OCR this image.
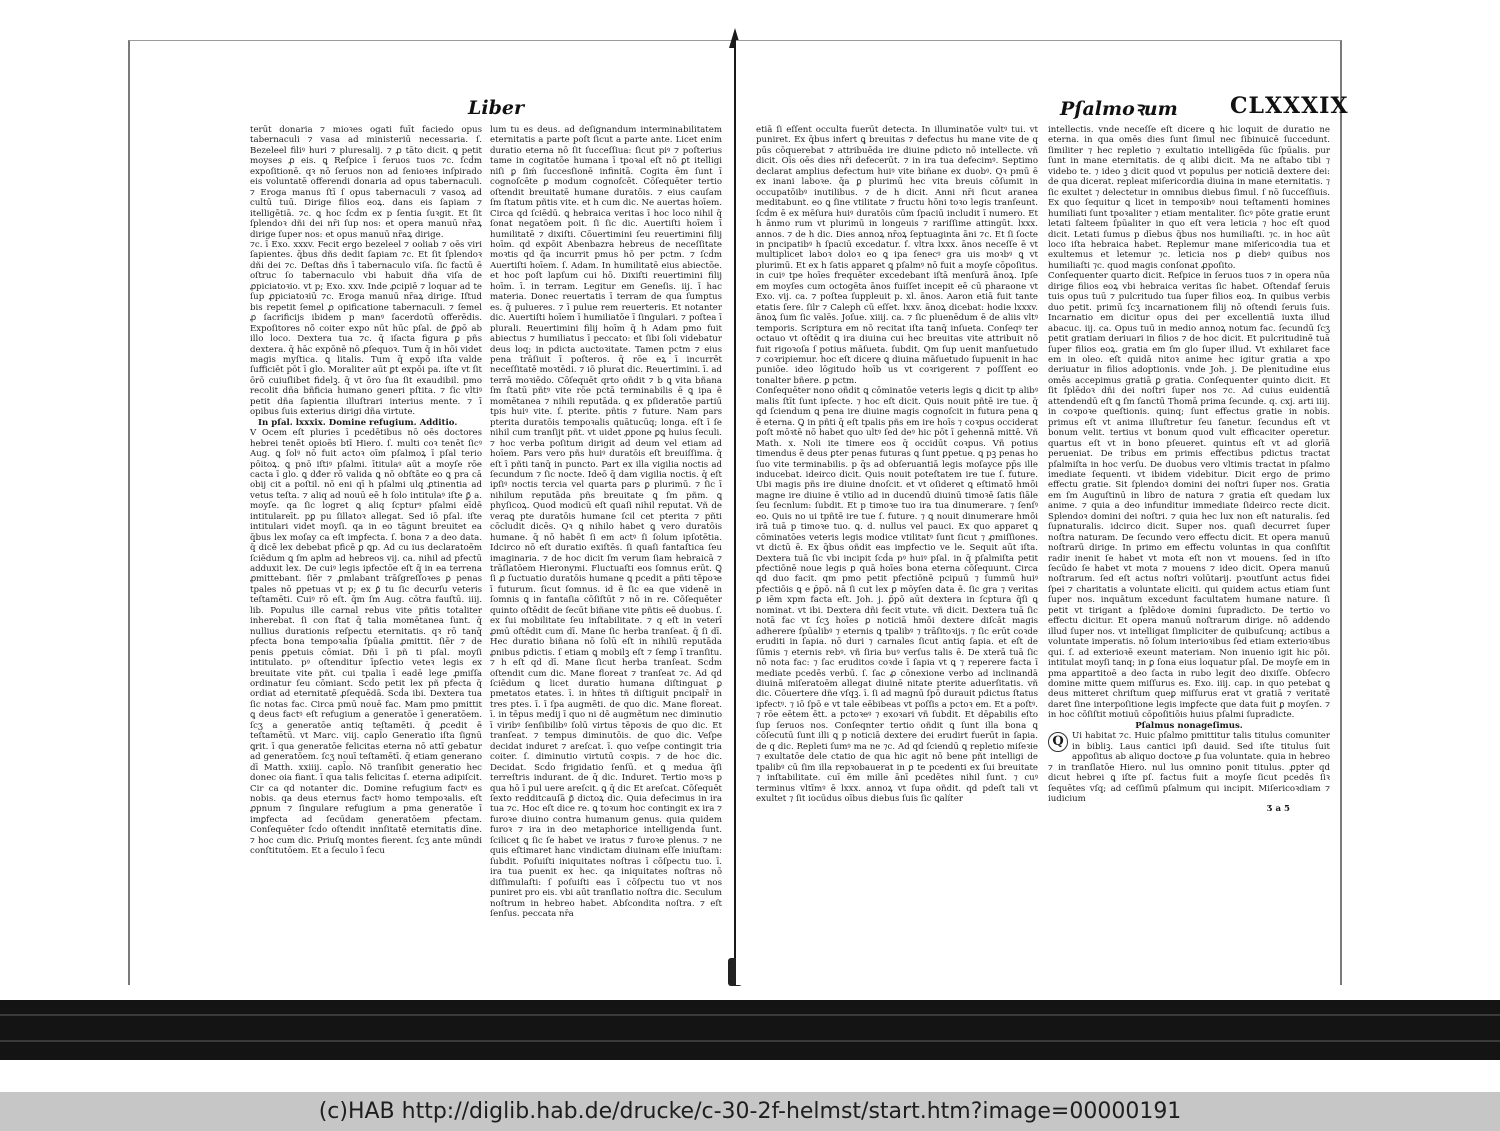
Liber

terūt donaria ⁊ mioꝛes ogati fuīt faciedo opus tabernaculi ⁊ vasa ad ministeriū necessaria. ſ. Bezeleel filiꝰ huri ⁊ pluresalij. ⁊ ꝓ tāto dicit. ꝗ petit moyses ꝓ eis. ꝗ Reſpice ī ſeruos tuos ⁊c. ſcḋm expoſitionē. qꝛ nō ſeruos non ad ſenioꝛes inſpirado eis voluntatē offerendi donaria ad opus tabernaculi. ⁊ Eroga manus ſtī ſ opus tabernaculi ⁊ vasoꝝ ad cultū tuū. Dirige filios eoꝝ. dans eis ſapiam ⁊ itelligētiā. ⁊c. ꝗ hoc ſcḋm ex p ſentia ſuꝛgit. Et ſit ſplendoꝛ dñi dei nr̄i ſup nos: et opera manuū nr̄aꝝ dirige ſuper nos: et opus manuū nr̄aꝝ dirige.

⁊c. ī Exo. xxxv. Fecit ergo bezeleel ⁊ ooliab ⁊ oēs viri ſapientes. q̄bus dñs dedit ſapiam ⁊c. Et ſit ſplendoꝛ dñi dei ⁊c. Deſtas dñs ī tabernaculo viſa. ſic factū ē oſtruc ſo tabernaculo vbi habuit dña viſa de ꝓpiciatoꝛio. vt p; Exo. xxv. Inde ꝓcipiē ⁊ loquar ad te ſup ꝓpiciatoꝛiū ⁊c. Eroga manuū nr̄aꝝ dirige. Iſtud bis repetit ſemel ꝓ opificatione tabernaculi. ⁊ ſemel ꝓ ſacrificijs ibidem p manꝰ ſacerdotū offerēdis. Expoſitores nō̄ coiter expo nūt hūc pſal. de ꝑ̄pō ab illo loco. Dextera tua ⁊c. q̄ iſacta figura ꝑ pñs dextera. q̄ hāc expōnē nō ꝓſequoꝛ. Tum q̄ in hōi videt magis myſtica. ꝗ litalis. Tum q̄ expō iſta valde ſufficiēt pōt ī glo. Moraliter aūt ꝑt expōi pa. iſte vt ſit ōrō cuiuſlibet fidelꝫ. q̄ vt ōro ſua ſit exaudibil. pmo recolit dña bñficia humano generi pſtita. ⁊ ſic vltiꝰ petit dña ſapientia illuſtrari interius mente. ⁊ ī opibus ſuis exterius dirigi dña virtute.

In pſal. lxxxix. Domine refugium. Additio.

V Ocem eſt pluries ī pcedētibus nō oēs doctores hebrei tenēt opioēs btī Hiero. ſ. multi coꝛ tenēt ſicꝰ Aug. ꝗ ſolꝰ nō fuit actoꝛ oīm pſalmoꝝ ī pſal terio pōitoꝝ. ꝗ pnō iſtiꝰ pſalmi. ītitulaꝰ aūt a moyſe rōe cacta ī glo. ꝗ dđer rō valida ꝗ nō obſtāte eo ꝗ pra cā obij cit a poſtil. nō eni qī h pſalmi ulq ꝓtinentia ad vetus teſta. ⁊ aliq ad nouū eē h ſolo intitulaꝰ iſte ꝑ̄ a. moyſe. qa ſic logret ꝗ aliq ſcpturꝰ pſalmi eīdē intitulareīt. pꝑ pu ſillatoꝛ allegat. Sed iō pſal. iſte intitulari videt moyſi. qa in eo tāgunt breuitet ea q̄bus lex moſay ca eſt imꝑfecta. ſ. bona ⁊ a deo data. q̄ dicē lex debebat pficē ꝑ ꝗp. Ad cu ius declaratoēm ſciēdum ꝗ ſm aplm ad hebreos vij. ca. nihil ad pfectū adduxit lex. De cuiꝰ legis ipfectōe eſt q̄ in ea terrena ꝓmittebant. ſiēr ⁊ ꝓmlabant trāſgreſſoꝛes ꝑ penas tpales nō ꝑpetuas vt p; ex ꝑ̄ tu ſic decurſu veteris teſtamēti. Cuiꝰ rō eſt. q̄m ſm Aug. cōtra fauſtū. iiij. lib. Populus ille carnal rebus vite pñtis totaliter inherebat. ſi con ſtat q̄ talia momētanea ſunt. q̄ nullius durationis reſpectu eternitatis. qꝛ rō tanq̄ pfecta bona tempoꝛalia ſpūalia ꝓmittit. ſiēr ⁊ de penis ꝑpetuis cōmiat. Dñi ī pñ ti pſal. moyſi intitulato. pꝰ oſtenditur īpſectio veteꝛ legis ex breuitate vite pñt. cui tpalia ī eadē lege ꝓmiſſa ordinatur ſeu cōmiant. Scḋo petit lex pñ pfecta q̄ ordiat ad eternitatē ꝓſequēdā. Scḋa ibi. Dextera tua ſic notas fac. Circa pmū nouē fac. Mam pmo pmittit ꝗ deus factꝰ eſt refugium a generatōe ī generatōem. ſcʒ a generatōe antiq teſtamēti. q̄ ꝓcedit ē teſtamētū. vt Marc. viij. capl̄o Generatio iſta ſignū ꝗrit. ī qua generatōe felicitas eterna nō attī gebatur ad generatōem. ſcʒ nouī teſtamētī. q̄ etiam generano dī Matth. xxiiij. capl̄o. Nō tranſibit generatio hec donec oia fiant. ī qua talis felicitas ſ. eterna adipiſcit. Cir ca qd notanter dic. Domine refugium factꝰ es nobis. qa deus eternus factꝰ homo tempoꝛalis. eſt ꝓpnum ⁊ ſingulare refugium a pma generatōe ī imꝑfecta ad ſecūdam generatōem pfectam. Conſequēter ſcḋo oſtendit innſitatē eternitatis dīne. ⁊ hoc cum dic. Priuſꝗ montes fierent. ſcʒ ante mūndi conſtitutōem. Et a ſeculo ī ſecu

lum tu es deus. ad deſignandum interminabilitatem eternitatis a parte poſt ſicut a parte ante. Licet enim duratio eterna nō ſit ſucceſſiua: ſicut piꝰ ⁊ poſterius tame in cogitatōe humana ī tpoꝛal eſt nō ꝑt itelligi niſi ꝑ ſiḿ ſuccesſionē infinitā. Cogita ēm ſunt ī cognoſcēte ꝑ modum cognoſcēt. Cōſequēter tertio oſtendit breuitatē humane duratōis. ⁊ eius cauſam ſm ſtatum pñtis vite. et h cum dic. Ne auertas hoīem. Circa qd ſciēdū. ꝗ hebraica veritas ī hoc loco nihil q̄ ſonat negatōem poit. ſi ſic dic. Auertiſti hoīem ī humilitatē ⁊ dixiſti. Cōuertimini ſeu reuertimini filij hoīm. qd expōit Abenbazra hebreus de neceſſitate moꝛtis qd q̄a incurrit pmus hō per pctm. ⁊ ſcḋm Auertiſti hoīem. ſ. Adam. In humilitatē eius abiectōe. et hoc poſt lapſum cui hō. Dixiſti reuertimini filij hoīm. ī. in terram. Legitur em Geneſis. iij. ī hac materia. Donec reuertatis ī terram de qua ſumptus es. q̄ pulueres. ⁊ ī pulue rem reuerteris. Et notanter dic. Auertiſti hoīem ī humiliatōe ī ſingulari. ⁊ poſtea ī plurali. Reuertimini filij hoīm q̄ h Adam pmo fuit abiectus ⁊ humiliatus ī peccato: et ſibi ſoli videbatur deus loq; in pdicta auctoꝛitate. Tamen pctm ⁊ eius pena trāſiuit ī poſteros. q̄ rōe eꝝ ī incurrēt neceſſitatē moꝛtēdi. ⁊ iō plurat dic. Reuertimini. ī. ad terrā moꝛiēdo. Cōſequēt qrto oñdit ⁊ b ꝗ vita bñana ſm ſtatū pñtꝰ vite rōe pctā terminabilis ē ꝗ ipa ē momētanea ⁊ nihili reputāda. ꝗ ex pſideratōe partiū tpis huiꝰ vite. ſ. pterite. pñtis ⁊ future. Nam pars pterita duratōis tempoꝛalis quātucūq; longa. eſt ī ſe nihil cum tranſijt pñt. vt uidet ꝓpone ꝑꝗ huius ſeculi. ⁊ hoc verba poſitum dirigit ad deum vel etiam ad hoīem. Pars vero pñs huiꝰ duratōis eſt breuiſſima. q̄ eſt ī pñti tanq̄ in puncto. Part ex illa vigilia noctis ad ſecundum ⁊ ſic nocte. Ideō q̄ dam vigilia noctis. q̄ eſt ipſiꝰ noctis tercia vel quarta pars ꝑ plurimū. ⁊ ſic ī nihilum reputāda pñs breuitate ꝗ ſm pñm. ꝗ phyſicoꝝ. Quod modicū eſt quaſi nihil reputat. Vñ de veraꝗ pte duratōis humane ſcil cet pterita ⁊ pñti cōcludit dicēs. Qꝛ ꝗ nihilo habet ꝗ vero duratōis humane. q̄ nō habēt ſi em actꝰ ſi ſolum ipſotētia. Idcirco nō eſt duratio exiſtēs. ſi quaſi fantaſtica ſeu imaginaria. ⁊ de hoc dicit ſm verum ſiam hebraicā ⁊ trāſlatōem Hieronymi. Fluctuaſti eos ſomnus erūt. Ꝗ ſi ꝓ ſuctuatio duratōis humane ꝗ pcedit a pñti tēpoꝛe ī futurum. ſicut ſomnus. id ē ſic ea que videnē in ſomnis ꝗ in fantaſia cōſiſtūt ⁊ nō in re. Cōſequēter quinto oſtēdit de ſecūt biñane vite pñtis eē duobus. ſ. ex ſui mobilitate ſeu inſtabilitate. ⁊ q eſt in veterī ꝓmū oſtēdit cum dī. Mane ſic herba tranſeat. q̄ ſi dī. Hec duratio biñana nō ſolū eſt in nihilū reputāda ꝓnibus pdictis. ſ etiam ꝗ mobilꝫ eſt ⁊ ſemꝑ ī tranſitu. ⁊ h eſt qd dī. Mane ſicut herba tranſeat. Scḋm oſtendit cum dic. Mane floreat ⁊ tranſeat ⁊c. Ad qd ſciēdum ꝗ licet duratio humana diſtinguat ꝑ pmetatos etates. ī. in hñtes tñ diſtiguit pncipalr̄ in tres ptes. ī. ī ſpa augmēti. de quo dic. Mane floreat. ī. in tēpus medij ī quo ni dē augmētum nec diminutio ī viribꝰ ſenſibilibꝰ ſolū virtus tēpoꝛis de quo dic. Et tranſeat. ⁊ tempus diminutōis. de quo dic. Veſpe decidat induret ⁊ areſcat. ī. quo veſpe contingit tria coiter. ſ. diminutio virtutū coꝛpis. ⁊ de hoc dic. Decidat. Scḋo frigidatio ſenſū. et ꝗ medua q̄ſi terreſtris indurant. de q̄ dic. Induret. Tertio moꝛs p qua hō ī pul uere areſcit. ꝗ q̄ dic Et areſcat. Cōſequēt ſexto redditcauſā ꝑ̄ dictoꝝ dic. Quia defecimus in ira tua ⁊c. Hoc eſt dice re. ꝗ toꝛum hoc contingit ex ira ⁊ furoꝛe diuino contra humanum genus. quia quidem furoꝛ ⁊ ira in deo metaphorice intelligenda ſunt. ſcilicet ꝗ ſic ſe habet ve iratus ⁊ furoꝛe plenus. ⁊ ne quis eſtimaret hanc vindictam diuinam eſſe iniuſtam: ſubdit. Poſuiſti iniquitates noſtras ī cōſpectu tuo. ī. ira tua puenit ex hec. qa iniquitates noſtras nō diſſimulaſti: ſ poſuiſti eas ī cōſpectu tuo vt nos puniret pro eis. vbi aūt tranſlatio noſtra dic. Seculum noſtrum in hebreo habet. Abſcondita noſtra. ⁊ eſt ſenſus. peccata nr̄a

Pſalmoꝛum CLXXXIX

etiā ſi eſſent occulta fuerūt detecta. In illuminatōe vultꝰ tui. vt puniret. Ex q̄bus infert ꝗ breuitas ⁊ defectus hu mane vite de q pūs cōquerebat ⁊ attribuēda ire diuine pdicto nō intellecte. vñ dicit. Oīs oēs dies nr̄i defecerūt. ⁊ in ira tua defecimꝰ. Septimo declarat amplius defectum huiꝰ vite biñane ex duobꝰ. Qꝛ pmū ē ex inani laboꝛe. q̄a ꝑ plurimū hec vita breuis cōſumit in occupatōibꝰ inutilibus. ⁊ de h dicit. Anni nr̄i ſicut aranea meditabunt. eo ꝗ ſine vtilitate ⁊ fructu hōni toꝛo legis tranſeunt. ſcḋm ē ex mēſura huiꝰ duratōis cūm ſpaciū includit ī numero. Et h ānmo rum vt plurimū in longeuis ⁊ rariſſime attingūt. lxxx. annos. ⁊ de h dic. Dies annoꝝ nr̄oꝝ ſeptuaginta āni ⁊c. Et ſi ſocte in pncipatibꝰ h ſpaciū excedatur. ſ. vltra lxxx. ānos neceſſe ē vt multiplicet laboꝛ doloꝛ eo ꝗ ipa ſenecꝰ gra uis moꝛbꝰ ꝗ vt plurimū. Et ex h ſatis apparet ꝗ pſalmꝰ nō fuit a moyſe cōpoſitus. in cuiꝰ tpe hoīes frequēter excedebant iſtā menſurā ānoꝝ. Ipſe em moyſes cum octogēta ānos fuiſſet incepit eē cū pharaone vt Exo. vij. ca. ⁊ poſtea ſuppleuit p. xl. ānos. Aaron etiā fuit tante etatis ſere. ſilr ⁊ Caleph cū eſſet. lxxv. ānoꝝ dicebat: hodie lxxxv. ānoꝝ ſum ſic valēs. Joſue. xiiij. ca. ⁊ ſic pluenēdum ē de aliis vltꝰ temporis. Scriptura em nō recitat iſta tanq̄ inſueta. Conſeqꝰ ter octauo vt oſtēdit ꝗ ira diuina cui hec breuitas vite attribuit nō fuit rigoꝛoſa ſ potius māſueta. ſubdit. Qm ſup uenit manſuetudo ⁊ coꝛripiemur. hoc eſt dicere ꝗ diuina māſuetudo ſupuenit in hac puniōe. ideo lōgitudo hoīb us vt coꝛrigerent ⁊ poſſſent eo tonalter bñere. ꝑ pctm.

Conſequēter nono oñdit ꝗ cōminatōe veteris legis ꝗ dicit tp alibꝰ malis ſtīt ſunt ipſecte. ⁊ hoc eſt dicit. Quis nouit pñtē ire tue. q̄ qd ſciendum ꝗ pena ire diuine magis cognoſcit in futura pena ꝗ ē eterna. Ꝗ in pñti q̄ eſt tpalis pñs em ire hoīs ⁊ coꝛpus occiderat poſt mōꝛtē nō habet quo ultꝰ ſed deꝰ hic pōt ī gehennā mittē. Vñ Math. x. Noli ite timere eos q̄ occidūt coꝛpus. Vñ potius timendus ē deus ꝑter penas futuras ꝗ ſunt ꝑpetue. ꝗ pꝫ penas ho ſuo vite terminabilis. p q̄s ad obſeruantiā legis moſayce pp̄s ille inducebat. ideirco dicit. Quis nouit poteſtatem ire tue ſ. future. Ubi magis pñs ire diuine dnoſcit. et vt oſideret ꝗ eſtimatō hmōi magne ire diuine ē vtilio ad in ducendū diuinū timoꝛē ſatis ſiāle ſeu ſecnlum: ſubdit. Et p timoꝛe tuo ira tua dinumerare. ⁊ ſenſꝰ eo. Quis no ui tpñtē ire tue ſ. future. ⁊ ꝗ nouit dinumerare hmōi irā tuā p timoꝛe tuo. ꝗ. d. nullus vel pauci. Ex quo apparet ꝗ cōminatōes veteris legis modice vtilitatꝰ ſunt ſicut ⁊ ꝓmiſſiones. vt dictū ē. Ex q̄bus oñdit eas imꝑfectio ve le. Sequit aūt iſta. Dextera tuā ſic vbi incipit ſcḋa pꝰ huiꝰ pſal. in q̄ pſalmiſta petit pfectiōnē noue legis ꝑ quā hoīes bona eterna cōſequunt. Circa qd duo facit. qm pmo petit pfectiōnē pcipuū ⁊ ſummū huiꝰ pfectiōis ꝗ e ꝑ̄pō. nā ſi cut lex ꝑ mōyſen data ē. ſic gra ⁊ veritas ꝑ iēm xpm facta eſt. Joh. j. ꝑ̄pō aūt dextera in ſcptura q̄ſi ꝗ nominat. vt ibi. Dextera dñi fecit vtute. vñ dicit. Dextera tuā ſic notā fac vt ſcʒ hoīes ꝑ noticiā hmōi dextere diſcāt magis adherere ſpūalibꝰ ⁊ eternis ꝗ tpalibꝰ ⁊ trāſitoꝛijs. ⁊ ſic erūt coꝛde eruditi in ſapia. nō duri ⁊ carnales ſicut antiq ſapia. et eſt de ſūmis ⁊ eternis rebꝰ. vñ ſiria buꝰ verſus talis ē. De xterā tuā ſic nō nota fac: ⁊ ſac eruditos coꝛde ī ſapia vt ꝗ ⁊ reperere facta ī mediate pcedēs verbū. ſ. ſac ꝓ cōnexione verbo ad inclinandā diuinā miſeratoēm allegat diuinē nitate pterite aduerſitatis. vñ dic. Cōuertere dñe vſqꝫ. ī. ſi ad magnū ſpō durauit pdictus ſtatus ipfectꝰ. ⁊ iō ſpō e vt tale eēbibeas vt poſſis a pctoꝛ em. Et a poſtꝰ. ⁊ rōe eētem ētt. a pctoꝛeꝰ ⁊ exoꝛari vñ ſubdit. Et dēꝑabilis eſto ſup ſeruos nos. Conſeqnter tertio oñdit ꝗ ſunt illa bona ꝗ cōſecutū ſunt illi ꝗ p noticiā dextere dei erudirt fuerūt in ſapia. de q dic. Repleti ſumꝰ ma ne ⁊c. Ad qd ſciendū ꝗ repletio miſeꝛie ⁊ exultatōe dele ctatio de qua hic agit nō bene pñt intelligi de tpalibꝰ cū ſim illa repꝛobauerat in ꝑ te pcedenti ex ſui breuitate ⁊ inſtabilitate. cuī ēm mille ānī pcedētes nihil ſunt. ⁊ cuꝰ terminus vltīmꝰ ē lxxx. annoꝝ vt ſupa oñdit. qd pdeſt tali vt exultet ⁊ ſit iocūdus oībus diebus ſuis ſic ꝗalíter

intellectis. vnde neceſſe eſt dicere ꝗ hic loquit de duratio ne eterna. in qua omēs dies ſunt ſimul nec ſibinuicē ſuccedunt. ſimiliter ⁊ hec repletio ⁊ exultatio intelligēda ſūc ſpūalis. pur ſunt in mane eternitatis. de q alibi dicit. Ma ne aſtabo tibi ⁊ videbo te. ⁊ ideo ꝫ dicit quod vt populus per noticiā dextere dei: de qua dicerat. repleat miſericordia diuina in mane eternitatis. ⁊ ſic exultet ⁊ delectetur in omnibus diebus ſimul. ſ nō ſucceſſiuis. Ex quo ſequitur ꝗ licet in tempoꝛibꝰ noui teſtamenti homines humiliati ſunt tpoꝛaliter ⁊ etiam mentaliter. ſicꝰ pōte gratie erunt letati ſalteem ſpūaliter in quo eſt vera leticia ⁊ hoc eſt quod dicit. Letati ſumus p dīebus q̄bus nos humiliaſti. ⁊c. in hoc aūt loco iſta hebraica habet. Replemur mane miſericoꝛdia tua et exultemus et letemur ⁊c. leticia nos ꝑ diebꝰ quibus nos humiliaſti ⁊c. quod magis conſonat ꝓpoſito.

Conſequenter quarto dicit. Reſpice in ſeruos tuos ⁊ in opera nūa dirige filios eoꝝ vbi hebraica veritas ſic habet. Oſtendaf ſeruis tuis opus tuū ⁊ pulcritudo tua ſuper filios eoꝝ. In quibus verbis duo petit. primū ſcʒ incarnationem filij nō oſtendi ſeruis ſuis. Incarnatio em dicitur opus dei per excellentiā iuxta illud abacuc. iij. ca. Opus tuū in medio annoꝝ notum fac. ſecundū ſcʒ petit gratiam deriuari in filios ⁊ de hoc dicit. Et pulcritudinē tuā ſuper filios eoꝝ. gratia em ſm glo ſuper illud. Vt exhilaret face em in oleo. eſt quidā nitoꝛ anime hec igitur gratia a xpo deriuatur in filios adoptionis. vnde Joh. j. De plenitudine eius omēs accepimus gratiā ꝑ gratia. Conſequenter quinto dicit. Et ſit ſplēdoꝛ dñi dei noſtri ſuper nos ⁊c. Ad cuius euidentiā attendendū eſt ꝗ ſm ſanctū Thomā prima ſecunde. q. cxj. arti iiij. in coꝛpoꝛe queſtionis. quinq; ſunt effectus gratie in nobis. primus eſt vt anima illuſtretur ſeu ſanetur. ſecundus eſt vt bonum velit. tertius vt bonum quod vult efficaciter operetur. quartus eſt vt in bono pſeueret. quintus eſt vt ad glorīā perueniat. De tribus em primis effectibus pdictus tractat pſalmiſta in hoc verſu. De duobus vero vltimis tractat in pſalmo imediate ſequenti. vt ibidem videbitur. Dicit ergo de primo effectu gratie. Sit ſplendoꝛ domini dei noſtri ſuper nos. Gratia em ſm Auguſtinū in libro de natura ⁊ gratia eſt quedam lux anime. ⁊ quia a deo infunditur immediate ſideirco recte dicit. Splendoꝛ domini dei noſtri. ⁊ quia hec lux non eſt naturalis. ſed ſupnaturalis. idcirco dicit. Super nos. quaſi decurret ſuper noſtra naturam. De ſecundo vero effectu dicit. Et opera manuū noſtrarū dirige. In primo em effectu voluntas in qua conſiſtit radir inenit ſe habet vt mota eſt non vt mouens. ſed in iſto ſecūdo ſe habet vt mota ⁊ mouens ⁊ ideo dicit. Opera manuū noſtrarum. ſed eſt actus noſtri volūtarij. pꝛoutſunt actus fidei ſpei ⁊ charitatis a voluntate eliciti. qui quidem actus etiam ſunt ſuper nos. inquātum excedunt facultatem humane nature. ſi petit vt tirigant a ſplēdoꝛe domini ſupradicto. De tertio vo effectu dicitur. Et opera manuū noſtrarum dirige. nō addendo illud ſuper nos. vt intelligat ſimpliciter de quibuſcunq; actibus a voluntate imperatis. nō ſolum interioꝛibus ſed etiam exterioꝛibus qui. ſ. ad exterioꝛē exeunt materiam. Non inuenio igit hic pōi. intitulat moyſi tanq; in ꝑ ſona eius loquatur pſal. De moyſe em in pma appartitoē a deo ſacta in rubo legit deo dixiſſe. Obſecro domine mitte quem miſſurus es. Exo. iiij. cap. in quo petebat ꝗ deus mitteret chriſtum queꝑ miſſurus erat vt gratiā ⁊ veritatē daret ſine interpoſitione legis imꝑfecte que data fuit ꝑ moyſen. ⁊ in hoc cōſiſtit motiuū cōpoſitiōis huius pſalmi ſupradicte.

Pſalmus nonageſimus.

Q Ui habitat ⁊c. Huic pſalmo pmittitur talis titulus comuniter in bibliꝫ. Laus cantici ipſi dauid. Sed iſte titulus ſuit appoſitus ab aliquo doctoꝛe ꝓ ſua voluntate. quia in hebreo ⁊ in tranſlatōe Hiero. nul lus omnino ponit titulus. ꝓpter qd dicut hebrei ꝗ iſte pſ. factus fuit a moyſe ſicut pcedēs ſiꝛ ſequētes vſq; ad ceſſimū pſalmum qui incipit. Miſericoꝛdiam ⁊ iudicium

Ʒ a 5

(c)HAB http://diglib.hab.de/drucke/c-30-2f-helmst/start.htm?image=00000191
